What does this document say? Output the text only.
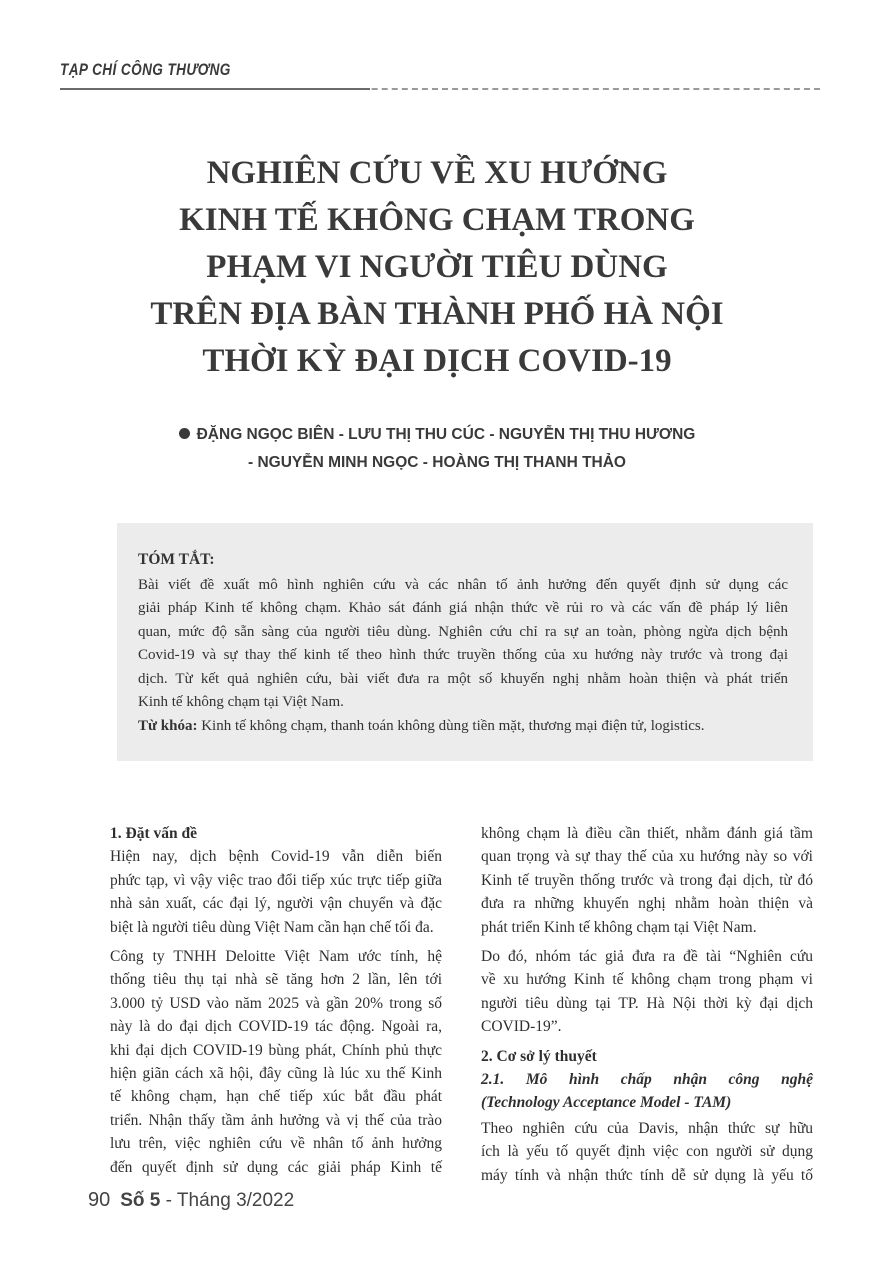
TẠP CHÍ CÔNG THƯƠNG
NGHIÊN CỨU VỀ XU HƯỚNG
KINH TẾ KHÔNG CHẠM TRONG
PHẠM VI NGƯỜI TIÊU DÙNG
TRÊN ĐỊA BÀN THÀNH PHỐ HÀ NỘI
THỜI KỲ ĐẠI DỊCH COVID-19
ĐẶNG NGỌC BIÊN - LƯU THỊ THU CÚC - NGUYỄN THỊ THU HƯƠNG
- NGUYỄN MINH NGỌC - HOÀNG THỊ THANH THẢO
TÓM TẮT:
Bài viết đề xuất mô hình nghiên cứu và các nhân tố ảnh hưởng đến quyết định sử dụng các
giải pháp Kinh tế không chạm. Khảo sát đánh giá nhận thức về rủi ro và các vấn đề pháp lý liên
quan, mức độ sẵn sàng của người tiêu dùng. Nghiên cứu chỉ ra sự an toàn, phòng ngừa dịch bệnh
Covid-19 và sự thay thế kinh tế theo hình thức truyền thống của xu hướng này trước và trong đại
dịch. Từ kết quả nghiên cứu, bài viết đưa ra một số khuyến nghị nhằm hoàn thiện và phát triển
Kinh tế không chạm tại Việt Nam.
Từ khóa: Kinh tế không chạm, thanh toán không dùng tiền mặt, thương mại điện tử, logistics.
1. Đặt vấn đề

Hiện nay, dịch bệnh Covid-19 vẫn diễn biến
phức tạp, vì vậy việc trao đổi tiếp xúc trực tiếp giữa
nhà sản xuất, các đại lý, người vận chuyển và đặc
biệt là người tiêu dùng Việt Nam cần hạn chế tối đa.

Công ty TNHH Deloitte Việt Nam ước tính, hệ
thống tiêu thụ tại nhà sẽ tăng hơn 2 lần, lên tới
3.000 tỷ USD vào năm 2025 và gần 20% trong số
này là do đại dịch COVID-19 tác động. Ngoài ra,
khi đại dịch COVID-19 bùng phát, Chính phủ thực
hiện giãn cách xã hội, đây cũng là lúc xu thế Kinh
tế không chạm, hạn chế tiếp xúc bắt đầu phát
triển. Nhận thấy tầm ảnh hưởng và vị thế của trào
lưu trên, việc nghiên cứu về nhân tố ảnh hưởng
đến quyết định sử dụng các giải pháp Kinh tế

không chạm là điều cần thiết, nhằm đánh giá tầm
quan trọng và sự thay thế của xu hướng này so với
Kinh tế truyền thống trước và trong đại dịch, từ đó
đưa ra những khuyến nghị nhằm hoàn thiện và
phát triển Kinh tế không chạm tại Việt Nam.

Do đó, nhóm tác giả đưa ra đề tài “Nghiên cứu
về xu hướng Kinh tế không chạm trong phạm vi
người tiêu dùng tại TP. Hà Nội thời kỳ đại dịch
COVID-19”.

2. Cơ sở lý thuyết
2.1. Mô hình chấp nhận công nghệ
(Technology Acceptance Model - TAM)

Theo nghiên cứu của Davis, nhận thức sự hữu
ích là yếu tố quyết định việc con người sử dụng
máy tính và nhận thức tính dễ sử dụng là yếu tố

90 Số 5 - Tháng 3/2022
